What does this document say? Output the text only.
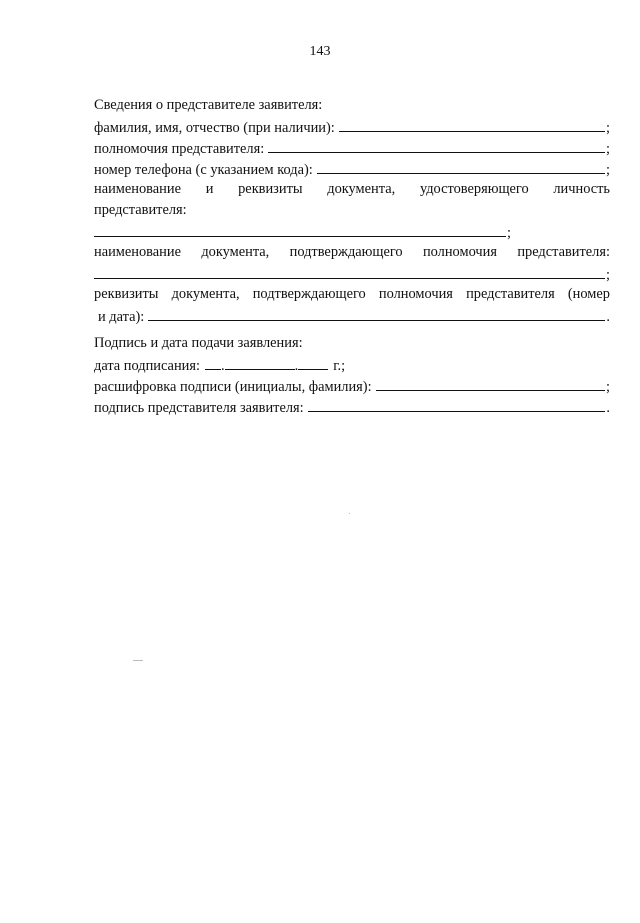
143
Сведения о представителе заявителя:
фамилия, имя, отчество (при наличии):	;
полномочия представителя:	;
номер телефона (с указанием кода):	;
наименование и реквизиты документа, удостоверяющего личность
представителя:
;
наименование документа, подтверждающего полномочия представителя:
;
реквизиты документа, подтверждающего полномочия представителя (номер
и дата):	.
Подпись и дата подачи заявления:
дата подписания: .	. г.;
расшифровка подписи (инициалы, фамилия):	;
подпись представителя заявителя:	.
